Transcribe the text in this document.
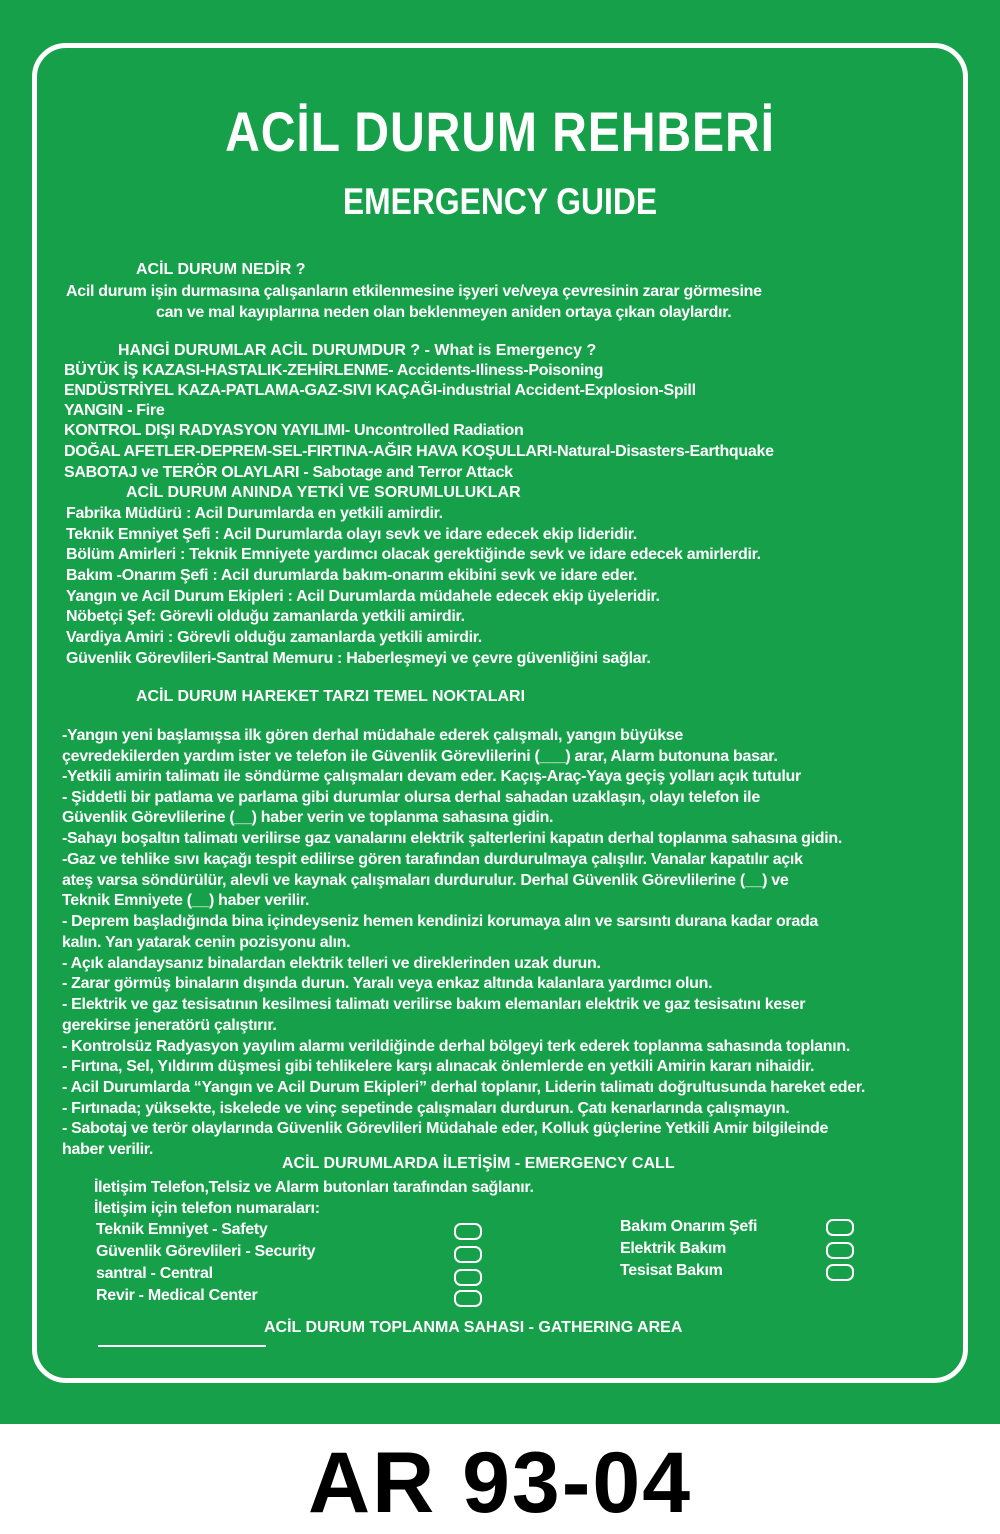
ACİL DURUM REHBERİ
EMERGENCY GUIDE
ACİL DURUM NEDİR ?
Acil durum işin durmasına çalışanların etkilenmesine işyeri ve/veya çevresinin zarar görmesine
can ve mal kayıplarına neden olan beklenmeyen aniden ortaya çıkan olaylardır.
HANGİ DURUMLAR ACİL DURUMDUR ? - What is Emergency ?
BÜYÜK İŞ KAZASI-HASTALIK-ZEHİRLENME- Accidents-Iliness-Poisoning
ENDÜSTRİYEL KAZA-PATLAMA-GAZ-SIVI KAÇAĞI-industrial Accident-Explosion-Spill
YANGIN - Fire
KONTROL DIŞI RADYASYON YAYILIMI- Uncontrolled Radiation
DOĞAL AFETLER-DEPREM-SEL-FIRTINA-AĞIR HAVA KOŞULLARI-Natural-Disasters-Earthquake
SABOTAJ ve TERÖR OLAYLARI - Sabotage and Terror Attack
ACİL DURUM ANINDA YETKİ VE SORUMLULUKLAR
Fabrika Müdürü : Acil Durumlarda en yetkili amirdir.
Teknik Emniyet Şefi : Acil Durumlarda olayı sevk ve idare edecek ekip lideridir.
Bölüm Amirleri : Teknik Emniyete yardımcı olacak gerektiğinde sevk ve idare edecek amirlerdir.
Bakım -Onarım Şefi : Acil durumlarda bakım-onarım ekibini sevk ve idare eder.
Yangın ve Acil Durum Ekipleri : Acil Durumlarda müdahele edecek ekip üyeleridir.
Nöbetçi Şef: Görevli olduğu zamanlarda yetkili amirdir.
Vardiya Amiri : Görevli olduğu zamanlarda yetkili amirdir.
Güvenlik Görevlileri-Santral Memuru : Haberleşmeyi ve çevre güvenliğini sağlar.
ACİL DURUM HAREKET TARZI TEMEL NOKTALARI
-Yangın yeni başlamışsa ilk gören derhal müdahale ederek çalışmalı, yangın büyükse
çevredekilerden yardım ister ve telefon ile Güvenlik Görevlilerini (___) arar, Alarm butonuna basar.
-Yetkili amirin talimatı ile söndürme çalışmaları devam eder. Kaçış-Araç-Yaya geçiş yolları açık tutulur
- Şiddetli bir patlama ve parlama gibi durumlar olursa derhal sahadan uzaklaşın, olayı telefon ile
Güvenlik Görevlilerine (__) haber verin ve toplanma sahasına gidin.
-Sahayı boşaltın talimatı verilirse gaz vanalarını elektrik şalterlerini kapatın derhal toplanma sahasına gidin.
-Gaz ve tehlike sıvı kaçağı tespit edilirse gören tarafından durdurulmaya çalışılır. Vanalar kapatılır açık
ateş varsa söndürülür, alevli ve kaynak çalışmaları durdurulur. Derhal Güvenlik Görevlilerine (__) ve
Teknik Emniyete (__) haber verilir.
- Deprem başladığında bina içindeyseniz hemen kendinizi korumaya alın ve sarsıntı durana kadar orada
kalın. Yan yatarak cenin pozisyonu alın.
- Açık alandaysanız binalardan elektrik telleri ve direklerinden uzak durun.
- Zarar görmüş binaların dışında durun. Yaralı veya enkaz altında kalanlara yardımcı olun.
- Elektrik ve gaz tesisatının kesilmesi talimatı verilirse bakım elemanları elektrik ve gaz tesisatını keser
gerekirse jeneratörü çalıştırır.
- Kontrolsüz Radyasyon yayılım alarmı verildiğinde derhal bölgeyi terk ederek toplanma sahasında toplanın.
- Fırtına, Sel, Yıldırım düşmesi gibi tehlikelere karşı alınacak önlemlerde en yetkili Amirin kararı nihaidir.
- Acil Durumlarda “Yangın ve Acil Durum Ekipleri” derhal toplanır, Liderin talimatı doğrultusunda hareket eder.
- Fırtınada; yüksekte, iskelede ve vinç sepetinde çalışmaları durdurun. Çatı kenarlarında çalışmayın.
- Sabotaj ve terör olaylarında Güvenlik Görevlileri Müdahale eder, Kolluk güçlerine Yetkili Amir bilgileinde
haber verilir.
ACİL DURUMLARDA İLETİŞİM - EMERGENCY CALL
İletişim Telefon,Telsiz ve Alarm butonları tarafından sağlanır.
İletişim için telefon numaraları:
Teknik Emniyet - Safety
Güvenlik Görevlileri - Security
santral - Central
Revir - Medical Center
Bakım Onarım Şefi
Elektrik Bakım
Tesisat Bakım
ACİL DURUM TOPLANMA SAHASI - GATHERING AREA
AR 93-04
